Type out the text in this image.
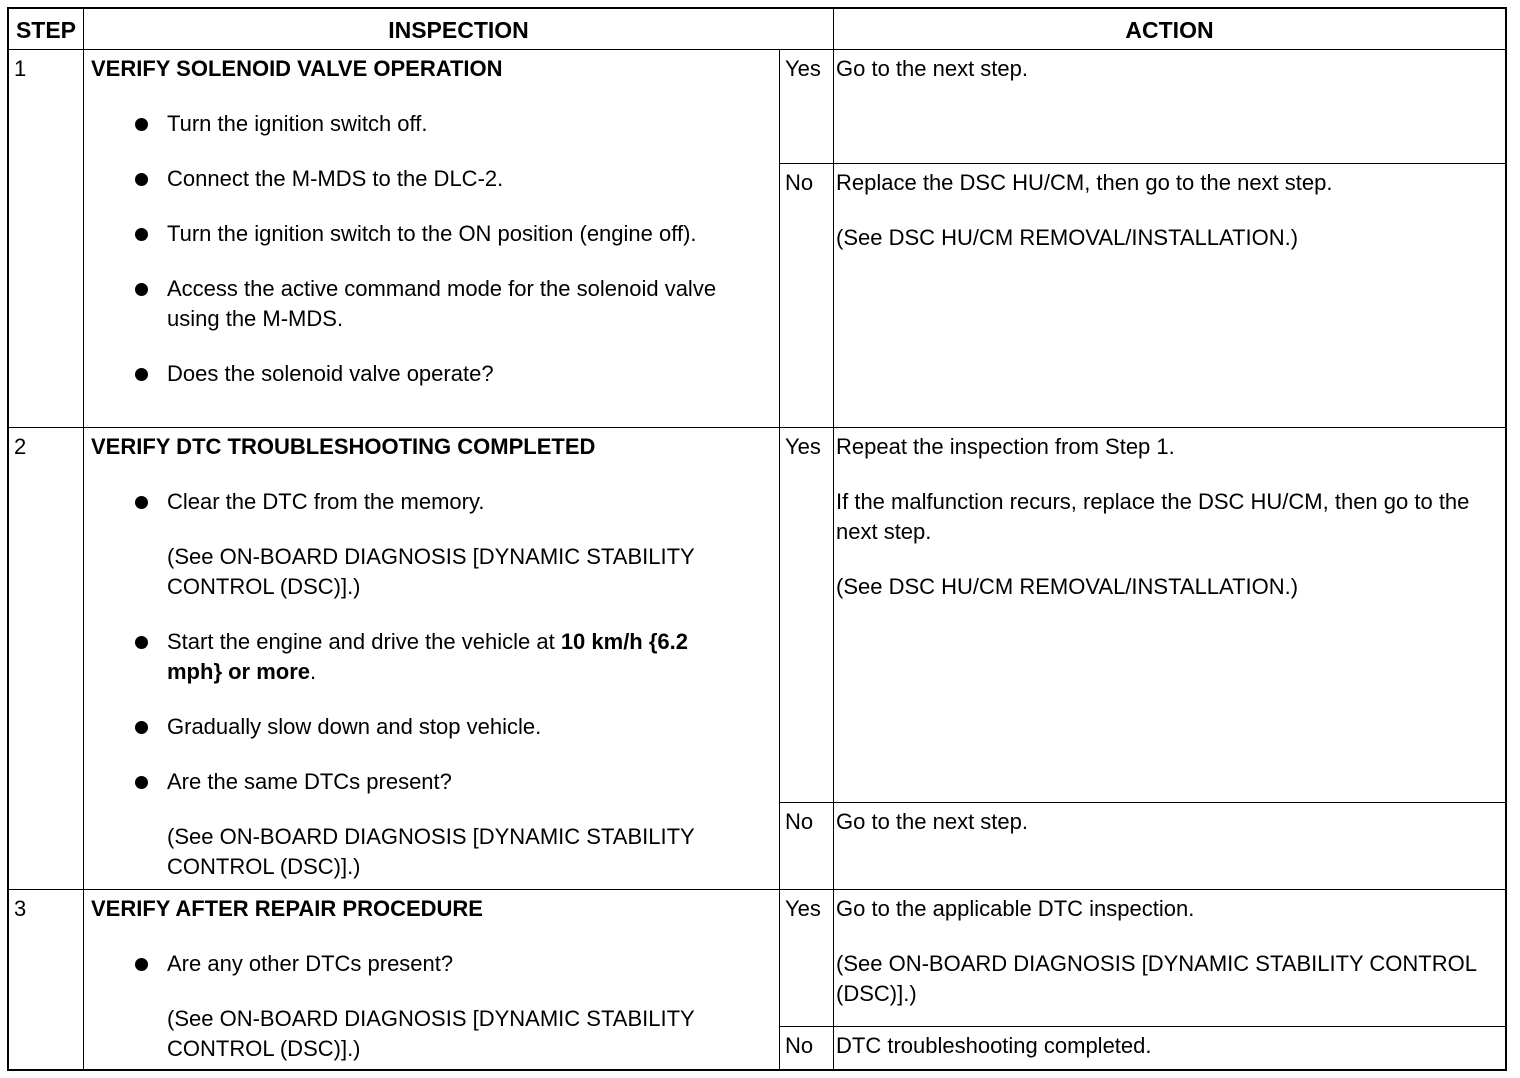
STEP	INSPECTION	ACTION
1	VERIFY SOLENOID VALVE OPERATION
Turn the ignition switch off.
Connect the M-MDS to the DLC-2.
Turn the ignition switch to the ON position (engine off).
Access the active command mode for the solenoid valve using the M-MDS.
Does the solenoid valve operate?
Yes Go to the next step.

No	Replace the DSC HU/CM, then go to the next step.

(See DSC HU/CM REMOVAL/INSTALLATION.)

2	VERIFY DTC TROUBLESHOOTING COMPLETED
Clear the DTC from the memory.
(See ON-BOARD DIAGNOSIS [DYNAMIC STABILITY CONTROL (DSC)].)
Start the engine and drive the vehicle at 10 km/h {6.2 mph} or more.
Gradually slow down and stop vehicle.
Are the same DTCs present?
(See ON-BOARD DIAGNOSIS [DYNAMIC STABILITY CONTROL (DSC)].)
Yes Repeat the inspection from Step 1.

If the malfunction recurs, replace the DSC HU/CM, then go to the next step.

(See DSC HU/CM REMOVAL/INSTALLATION.)

No	Go to the next step.

3	VERIFY AFTER REPAIR PROCEDURE
Are any other DTCs present?
(See ON-BOARD DIAGNOSIS [DYNAMIC STABILITY CONTROL (DSC)].)
Yes Go to the applicable DTC inspection.

(See ON-BOARD DIAGNOSIS [DYNAMIC STABILITY CONTROL (DSC)].)

No	DTC troubleshooting completed.
